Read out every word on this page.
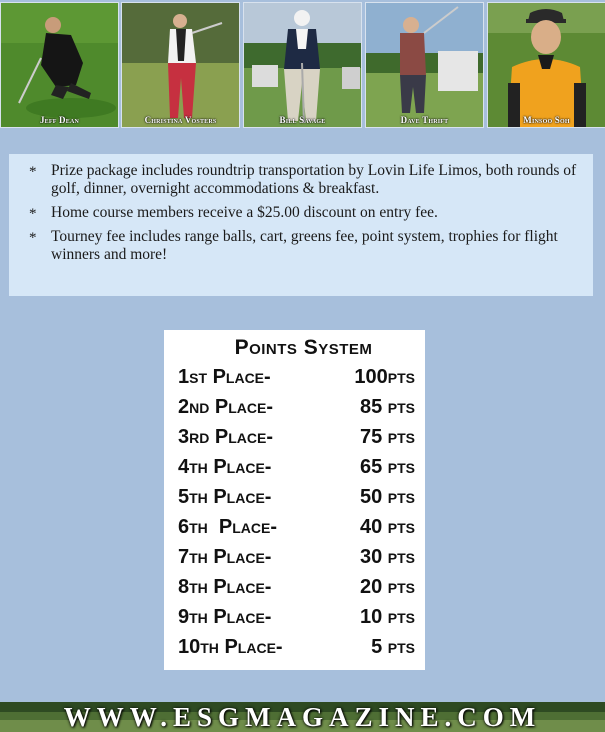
Jeff Dean	Christina Vosters	Bill Savage	Dave Thrift	Minsoo Soh
* Prize package includes roundtrip transportation by Lovin Life Limos, both rounds of golf, dinner, overnight accommodations & breakfast.
* Home course members receive a $25.00 discount on entry fee.
* Tourney fee includes range balls, cart, greens fee, point system, trophies for flight winners and more!
Points System
1st Place-	100pts
2nd Place-	85 pts
3rd Place-	75 pts
4th Place-	65 pts
5th Place-	50 pts
6th  Place-	40 pts
7th Place-	30 pts
8th Place-	20 pts
9th Place-	10 pts
10th Place-	5 pts
WWW.ESGMAGAZINE.COM
